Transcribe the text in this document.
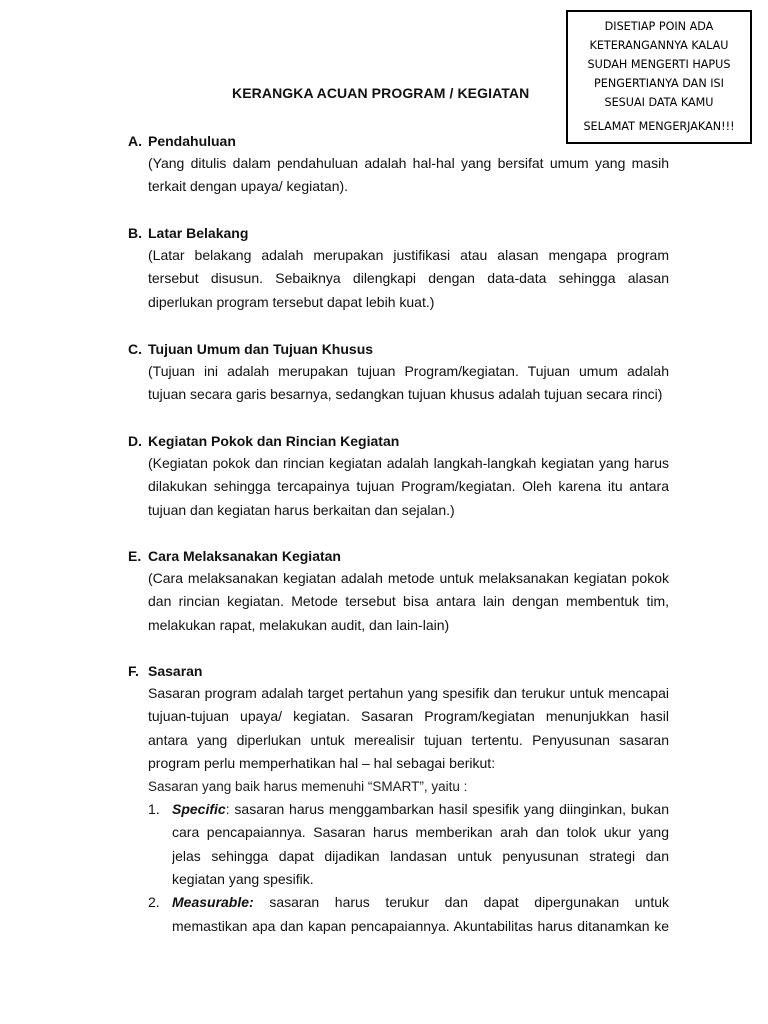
DISETIAP POIN ADA
KETERANGANNYA KALAU
SUDAH MENGERTI HAPUS
PENGERTIANYA DAN ISI
SESUAI DATA KAMU
SELAMAT MENGERJAKAN!!!
KERANGKA ACUAN PROGRAM / KEGIATAN
A. Pendahuluan
(Yang ditulis dalam pendahuluan adalah hal-hal yang bersifat umum yang masih
terkait dengan upaya/ kegiatan).
B. Latar Belakang
(Latar belakang adalah merupakan justifikasi atau alasan mengapa program
tersebut disusun. Sebaiknya dilengkapi dengan data-data sehingga alasan
diperlukan program tersebut dapat lebih kuat.)
C. Tujuan Umum dan Tujuan Khusus
(Tujuan ini adalah merupakan tujuan Program/kegiatan. Tujuan umum adalah
tujuan secara garis besarnya, sedangkan tujuan khusus adalah tujuan secara rinci)
D. Kegiatan Pokok dan Rincian Kegiatan
(Kegiatan pokok dan rincian kegiatan adalah langkah-langkah kegiatan yang harus
dilakukan sehingga tercapainya tujuan Program/kegiatan. Oleh karena itu antara
tujuan dan kegiatan harus berkaitan dan sejalan.)
E. Cara Melaksanakan Kegiatan
(Cara melaksanakan kegiatan adalah metode untuk melaksanakan kegiatan pokok
dan rincian kegiatan. Metode tersebut bisa antara lain dengan membentuk tim,
melakukan rapat, melakukan audit, dan lain-lain)
F. Sasaran
Sasaran program adalah target pertahun yang spesifik dan terukur untuk mencapai
tujuan-tujuan upaya/ kegiatan. Sasaran Program/kegiatan menunjukkan hasil
antara yang diperlukan untuk merealisir tujuan tertentu. Penyusunan sasaran
program perlu memperhatikan hal – hal sebagai berikut:
Sasaran yang baik harus memenuhi “SMART”, yaitu :
1. Specific: sasaran harus menggambarkan hasil spesifik yang diinginkan, bukan
cara pencapaiannya. Sasaran harus memberikan arah dan tolok ukur yang
jelas sehingga dapat dijadikan landasan untuk penyusunan strategi dan
kegiatan yang spesifik.
2. Measurable: sasaran harus terukur dan dapat dipergunakan untuk
memastikan apa dan kapan pencapaiannya. Akuntabilitas harus ditanamkan ke
